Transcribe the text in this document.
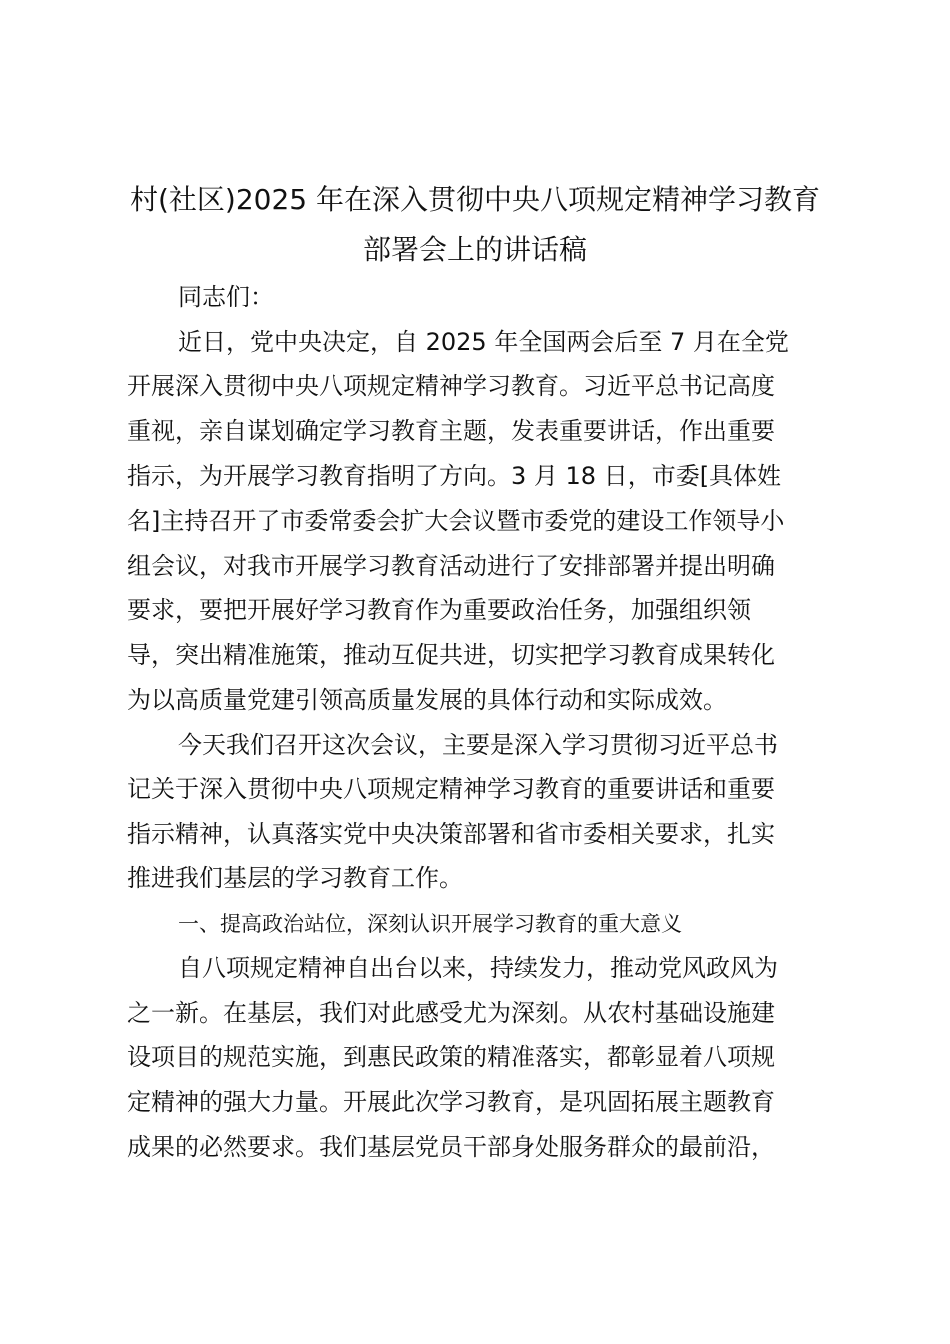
村(社区)2025 年在深入贯彻中央八项规定精神学习教育
部署会上的讲话稿
同志们：
近日，党中央决定，自 2025 年全国两会后至 7 月在全党
开展深入贯彻中央八项规定精神学习教育。习近平总书记高度
重视，亲自谋划确定学习教育主题，发表重要讲话，作出重要
指示，为开展学习教育指明了方向。3 月 18 日，市委[具体姓
名]主持召开了市委常委会扩大会议暨市委党的建设工作领导小
组会议，对我市开展学习教育活动进行了安排部署并提出明确
要求，要把开展好学习教育作为重要政治任务，加强组织领
导，突出精准施策，推动互促共进，切实把学习教育成果转化
为以高质量党建引领高质量发展的具体行动和实际成效。
今天我们召开这次会议，主要是深入学习贯彻习近平总书
记关于深入贯彻中央八项规定精神学习教育的重要讲话和重要
指示精神，认真落实党中央决策部署和省市委相关要求，扎实
推进我们基层的学习教育工作。
一、提高政治站位，深刻认识开展学习教育的重大意义
自八项规定精神自出台以来，持续发力，推动党风政风为
之一新。在基层，我们对此感受尤为深刻。从农村基础设施建
设项目的规范实施，到惠民政策的精准落实，都彰显着八项规
定精神的强大力量。开展此次学习教育，是巩固拓展主题教育
成果的必然要求。我们基层党员干部身处服务群众的最前沿，
